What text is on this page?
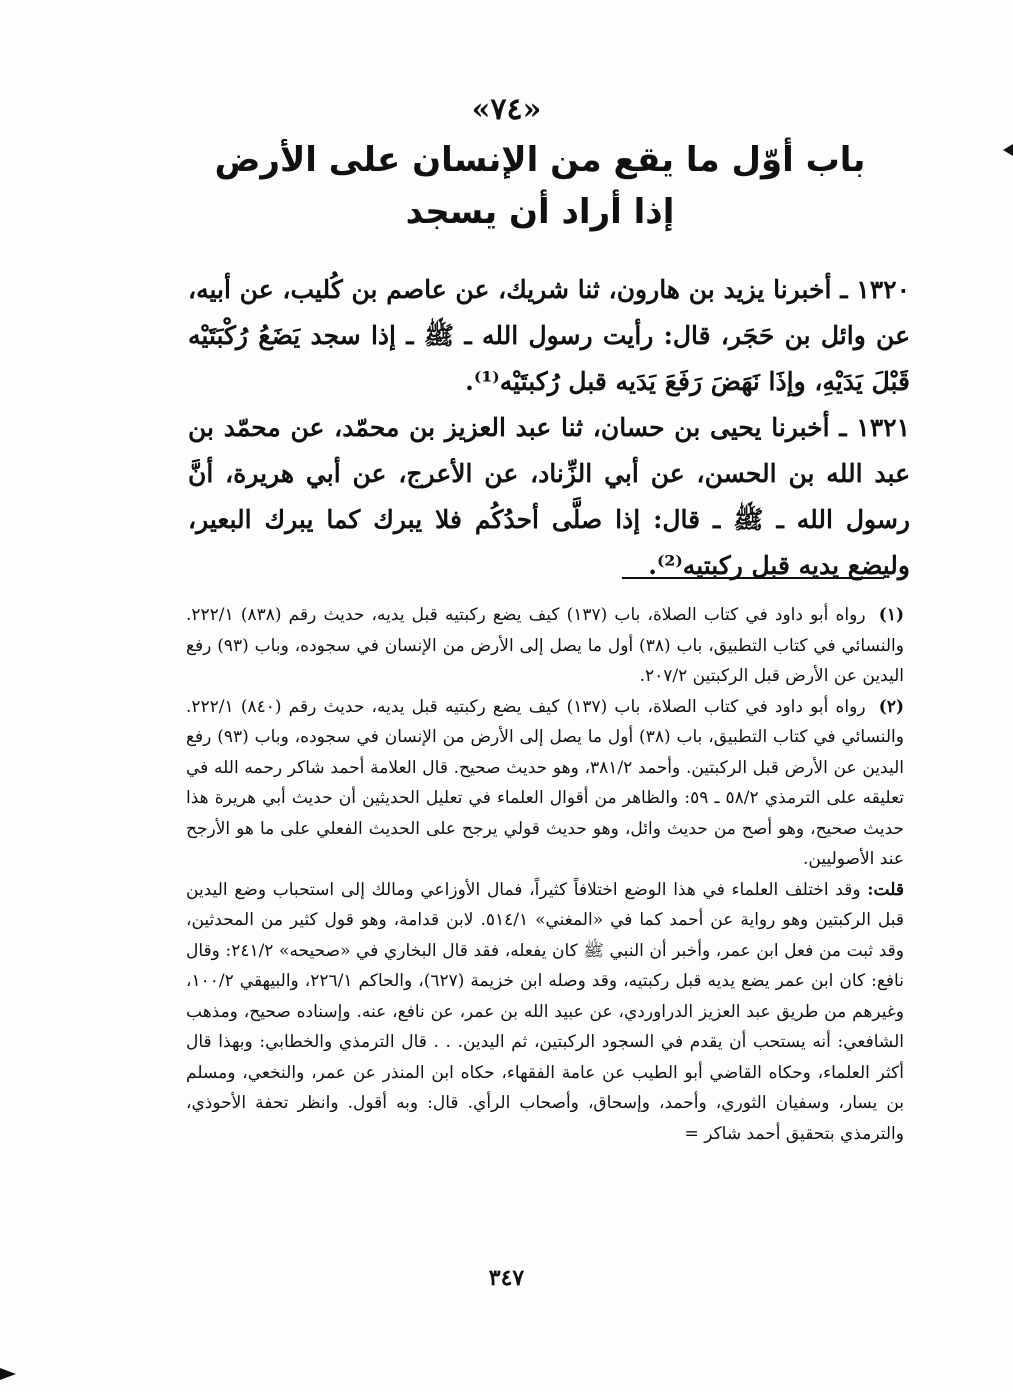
«٧٤»
باب أوّل ما يقع من الإنسان على الأرض
إذا أراد أن يسجد

١٣٢٠ ـ أخبرنا يزيد بن هارون، ثنا شريك، عن عاصم بن كُليب، عن أبيه، عن وائل بن حَجَر، قال: رأيت رسول الله ـ ﷺ ـ إذا سجد يَضَعُ رُكْبَتَيْه قَبْلَ يَدَيْهِ، وإذَا نَهَضَ رَفَعَ يَدَيه قبل رُكبتَيْه⁽¹⁾.

١٣٢١ ـ أخبرنا يحيى بن حسان، ثنا عبد العزيز بن محمّد، عن محمّد بن عبد الله بن الحسن، عن أبي الزِّناد، عن الأعرج، عن أبي هريرة، أنَّ رسول الله ـ ﷺ ـ قال: إذا صلَّى أحدُكُم فلا يبرك كما يبرك البعير، وليضع يديه قبل ركبتيه⁽²⁾.

(١) رواه أبو داود في كتاب الصلاة، باب (١٣٧) كيف يضع ركبتيه قبل يديه، حديث رقم (٨٣٨) ٢٢٢/١. والنسائي في كتاب التطبيق، باب (٣٨) أول ما يصل إلى الأرض من الإنسان في سجوده، وباب (٩٣) رفع اليدين عن الأرض قبل الركبتين ٢٠٧/٢.

(٢) رواه أبو داود في كتاب الصلاة، باب (١٣٧) كيف يضع ركبتيه قبل يديه، حديث رقم (٨٤٠) ٢٢٢/١. والنسائي في كتاب التطبيق، باب (٣٨) أول ما يصل إلى الأرض من الإنسان في سجوده، وباب (٩٣) رفع اليدين عن الأرض قبل الركبتين. وأحمد ٣٨١/٢، وهو حديث صحيح. قال العلامة أحمد شاكر رحمه الله في تعليقه على الترمذي ٥٨/٢ ـ ٥٩: والظاهر من أقوال العلماء في تعليل الحديثين أن حديث أبي هريرة هذا حديث صحيح، وهو أصح من حديث وائل، وهو حديث قولي يرجح على الحديث الفعلي على ما هو الأرجح عند الأصوليين.

قلت: وقد اختلف العلماء في هذا الوضع اختلافاً كثيراً، فمال الأوزاعي ومالك إلى استحباب وضع اليدين قبل الركبتين وهو رواية عن أحمد كما في «المغني» ٥١٤/١. لابن قدامة، وهو قول كثير من المحدثين، وقد ثبت من فعل ابن عمر، وأخبر أن النبي ﷺ كان يفعله، فقد قال البخاري في «صحيحه» ٢٤١/٢: وقال نافع: كان ابن عمر يضع يديه قبل ركبتيه، وقد وصله ابن خزيمة (٦٢٧)، والحاكم ٢٢٦/١، والبيهقي ١٠٠/٢، وغيرهم من طريق عبد العزيز الدراوردي، عن عبيد الله بن عمر، عن نافع، عنه. وإسناده صحيح، ومذهب الشافعي: أنه يستحب أن يقدم في السجود الركبتين، ثم اليدين. . . قال الترمذي والخطابي: وبهذا قال أكثر العلماء، وحكاه القاضي أبو الطيب عن عامة الفقهاء، حكاه ابن المنذر عن عمر، والنخعي، ومسلم بن يسار، وسفيان الثوري، وأحمد، وإسحاق، وأصحاب الرأي. قال: وبه أقول. وانظر تحفة الأحوذي، والترمذي بتحقيق أحمد شاكر =

٣٤٧
